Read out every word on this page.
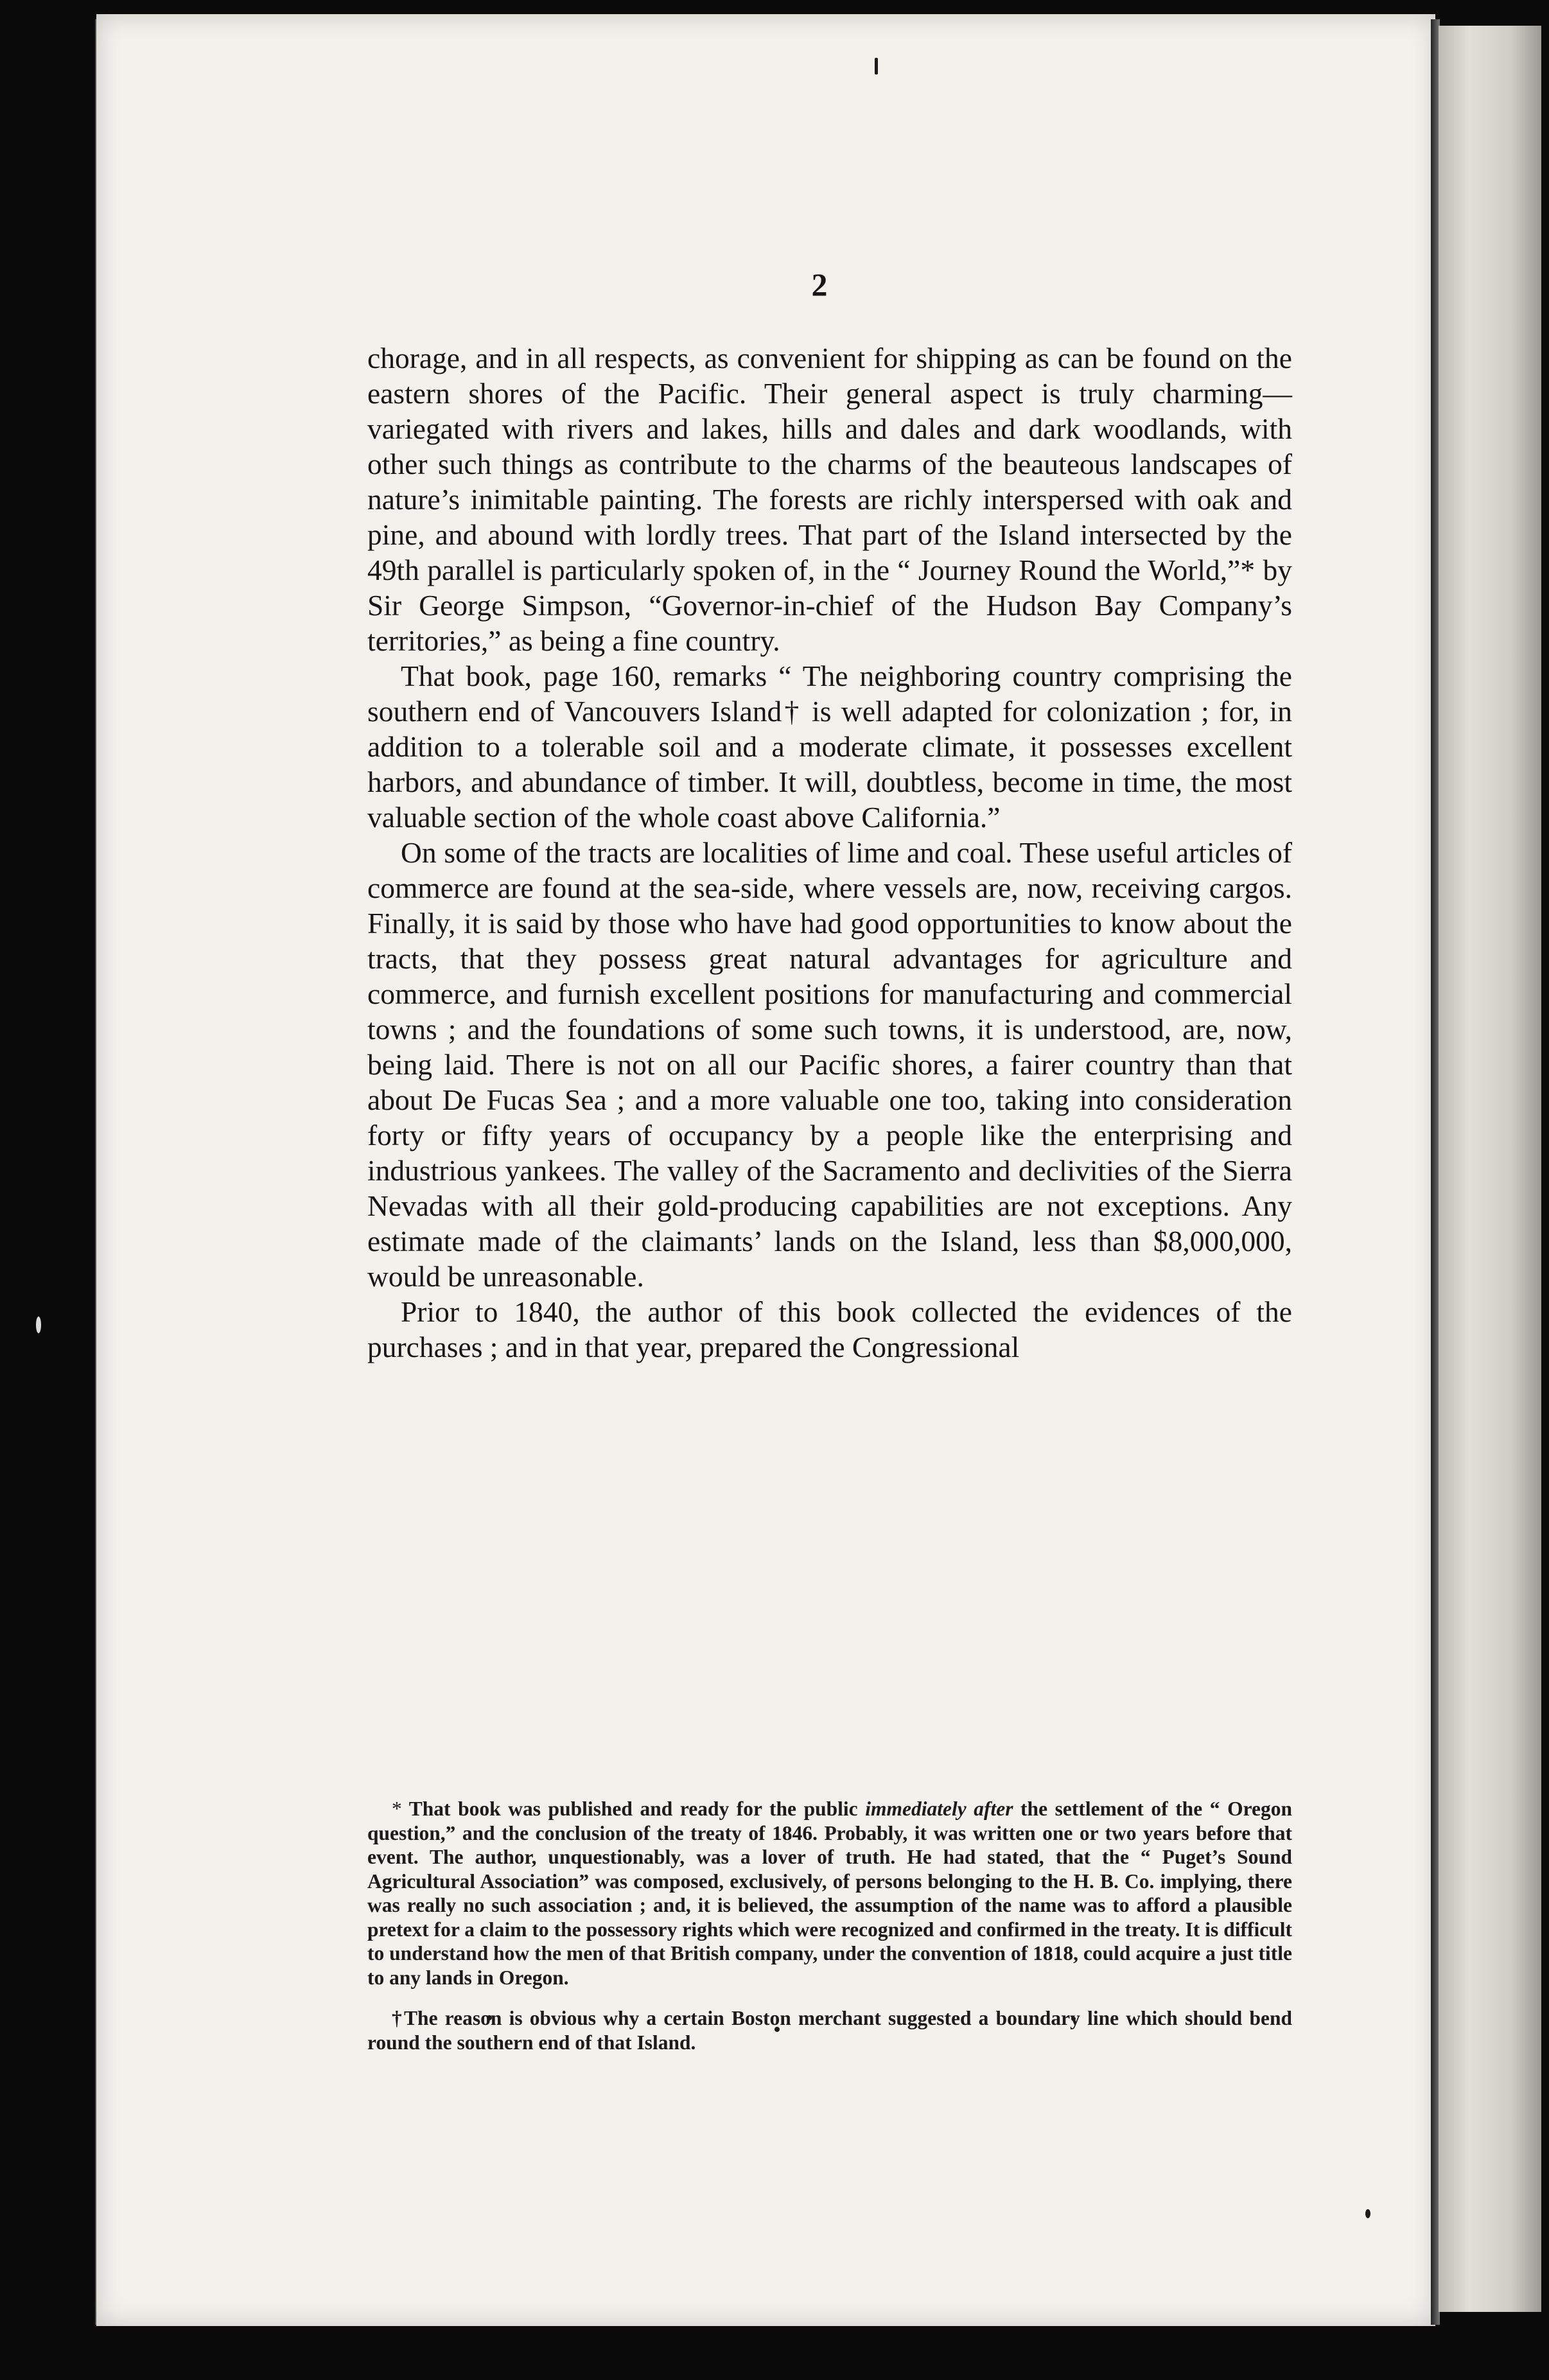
2

chorage, and in all respects, as convenient for shipping as can be found on the eastern shores of the Pacific. Their general aspect is truly charming—variegated with rivers and lakes, hills and dales and dark woodlands, with other such things as contribute to the charms of the beauteous landscapes of nature’s inimitable painting. The forests are richly interspersed with oak and pine, and abound with lordly trees. That part of the Island intersected by the 49th parallel is particularly spoken of, in the “ Journey Round the World,”* by Sir George Simpson, “Governor-in-chief of the Hudson Bay Company’s territories,” as being a fine country.

That book, page 160, remarks “ The neighboring country comprising the southern end of Vancouvers Island† is well adapted for colonization ; for, in addition to a tolerable soil and a moderate climate, it possesses excellent harbors, and abundance of timber. It will, doubtless, become in time, the most valuable section of the whole coast above California.”

On some of the tracts are localities of lime and coal. These useful articles of commerce are found at the sea-side, where vessels are, now, receiving cargos. Finally, it is said by those who have had good opportunities to know about the tracts, that they possess great natural advantages for agriculture and commerce, and furnish excellent positions for manufacturing and commercial towns ; and the foundations of some such towns, it is understood, are, now, being laid. There is not on all our Pacific shores, a fairer country than that about De Fucas Sea ; and a more valuable one too, taking into consideration forty or fifty years of occupancy by a people like the enterprising and industrious yankees. The valley of the Sacramento and declivities of the Sierra Nevadas with all their gold-producing capabilities are not exceptions. Any estimate made of the claimants’ lands on the Island, less than $8,000,000, would be unreasonable.

Prior to 1840, the author of this book collected the evidences of the purchases ; and in that year, prepared the Congressional

* That book was published and ready for the public immediately after the settlement of the “ Oregon question,” and the conclusion of the treaty of 1846. Probably, it was written one or two years before that event. The author, unquestionably, was a lover of truth. He had stated, that the “ Puget’s Sound Agricultural Association” was composed, exclusively, of persons belonging to the H. B. Co. implying, there was really no such association ; and, it is believed, the assumption of the name was to afford a plausible pretext for a claim to the possessory rights which were recognized and confirmed in the treaty. It is difficult to understand how the men of that British company, under the convention of 1818, could acquire a just title to any lands in Oregon.

†The reason is obvious why a certain Boston merchant suggested a boundary line which should bend round the southern end of that Island.
